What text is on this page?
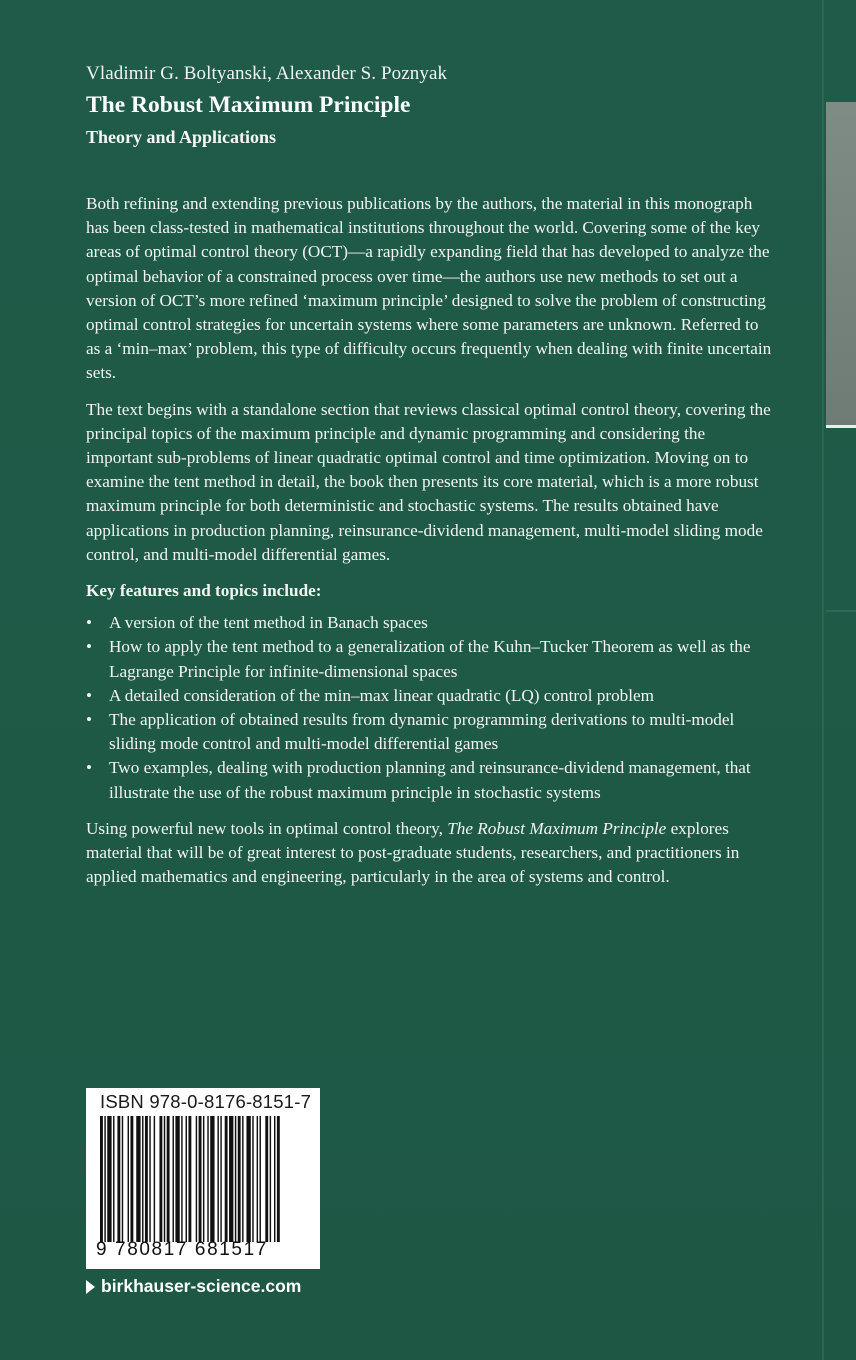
Vladimir G. Boltyanski, Alexander S. Poznyak
The Robust Maximum Principle
Theory and Applications

Both refining and extending previous publications by the authors, the material in this monograph has been class-tested in mathematical institutions throughout the world. Covering some of the key areas of optimal control theory (OCT)—a rapidly expanding field that has developed to analyze the optimal behavior of a constrained process over time—the authors use new methods to set out a version of OCT’s more refined ‘maximum principle’ designed to solve the problem of constructing optimal control strategies for uncertain systems where some parameters are unknown. Referred to as a ‘min–max’ problem, this type of difficulty occurs frequently when dealing with finite uncertain sets.

The text begins with a standalone section that reviews classical optimal control theory, covering the principal topics of the maximum principle and dynamic programming and considering the important sub-problems of linear quadratic optimal control and time optimization. Moving on to examine the tent method in detail, the book then presents its core material, which is a more robust maximum principle for both deterministic and stochastic systems. The results obtained have applications in production planning, reinsurance-dividend management, multi-model sliding mode control, and multi-model differential games.

Key features and topics include:

• A version of the tent method in Banach spaces
• How to apply the tent method to a generalization of the Kuhn–Tucker Theorem as well as the Lagrange Principle for infinite-dimensional spaces
• A detailed consideration of the min–max linear quadratic (LQ) control problem
• The application of obtained results from dynamic programming derivations to multi-model sliding mode control and multi-model differential games
• Two examples, dealing with production planning and reinsurance-dividend management, that illustrate the use of the robust maximum principle in stochastic systems

Using powerful new tools in optimal control theory, The Robust Maximum Principle explores material that will be of great interest to post-graduate students, researchers, and practitioners in applied mathematics and engineering, particularly in the area of systems and control.

ISBN 978-0-8176-8151-7
9 780817 681517
birkhauser-science.com
